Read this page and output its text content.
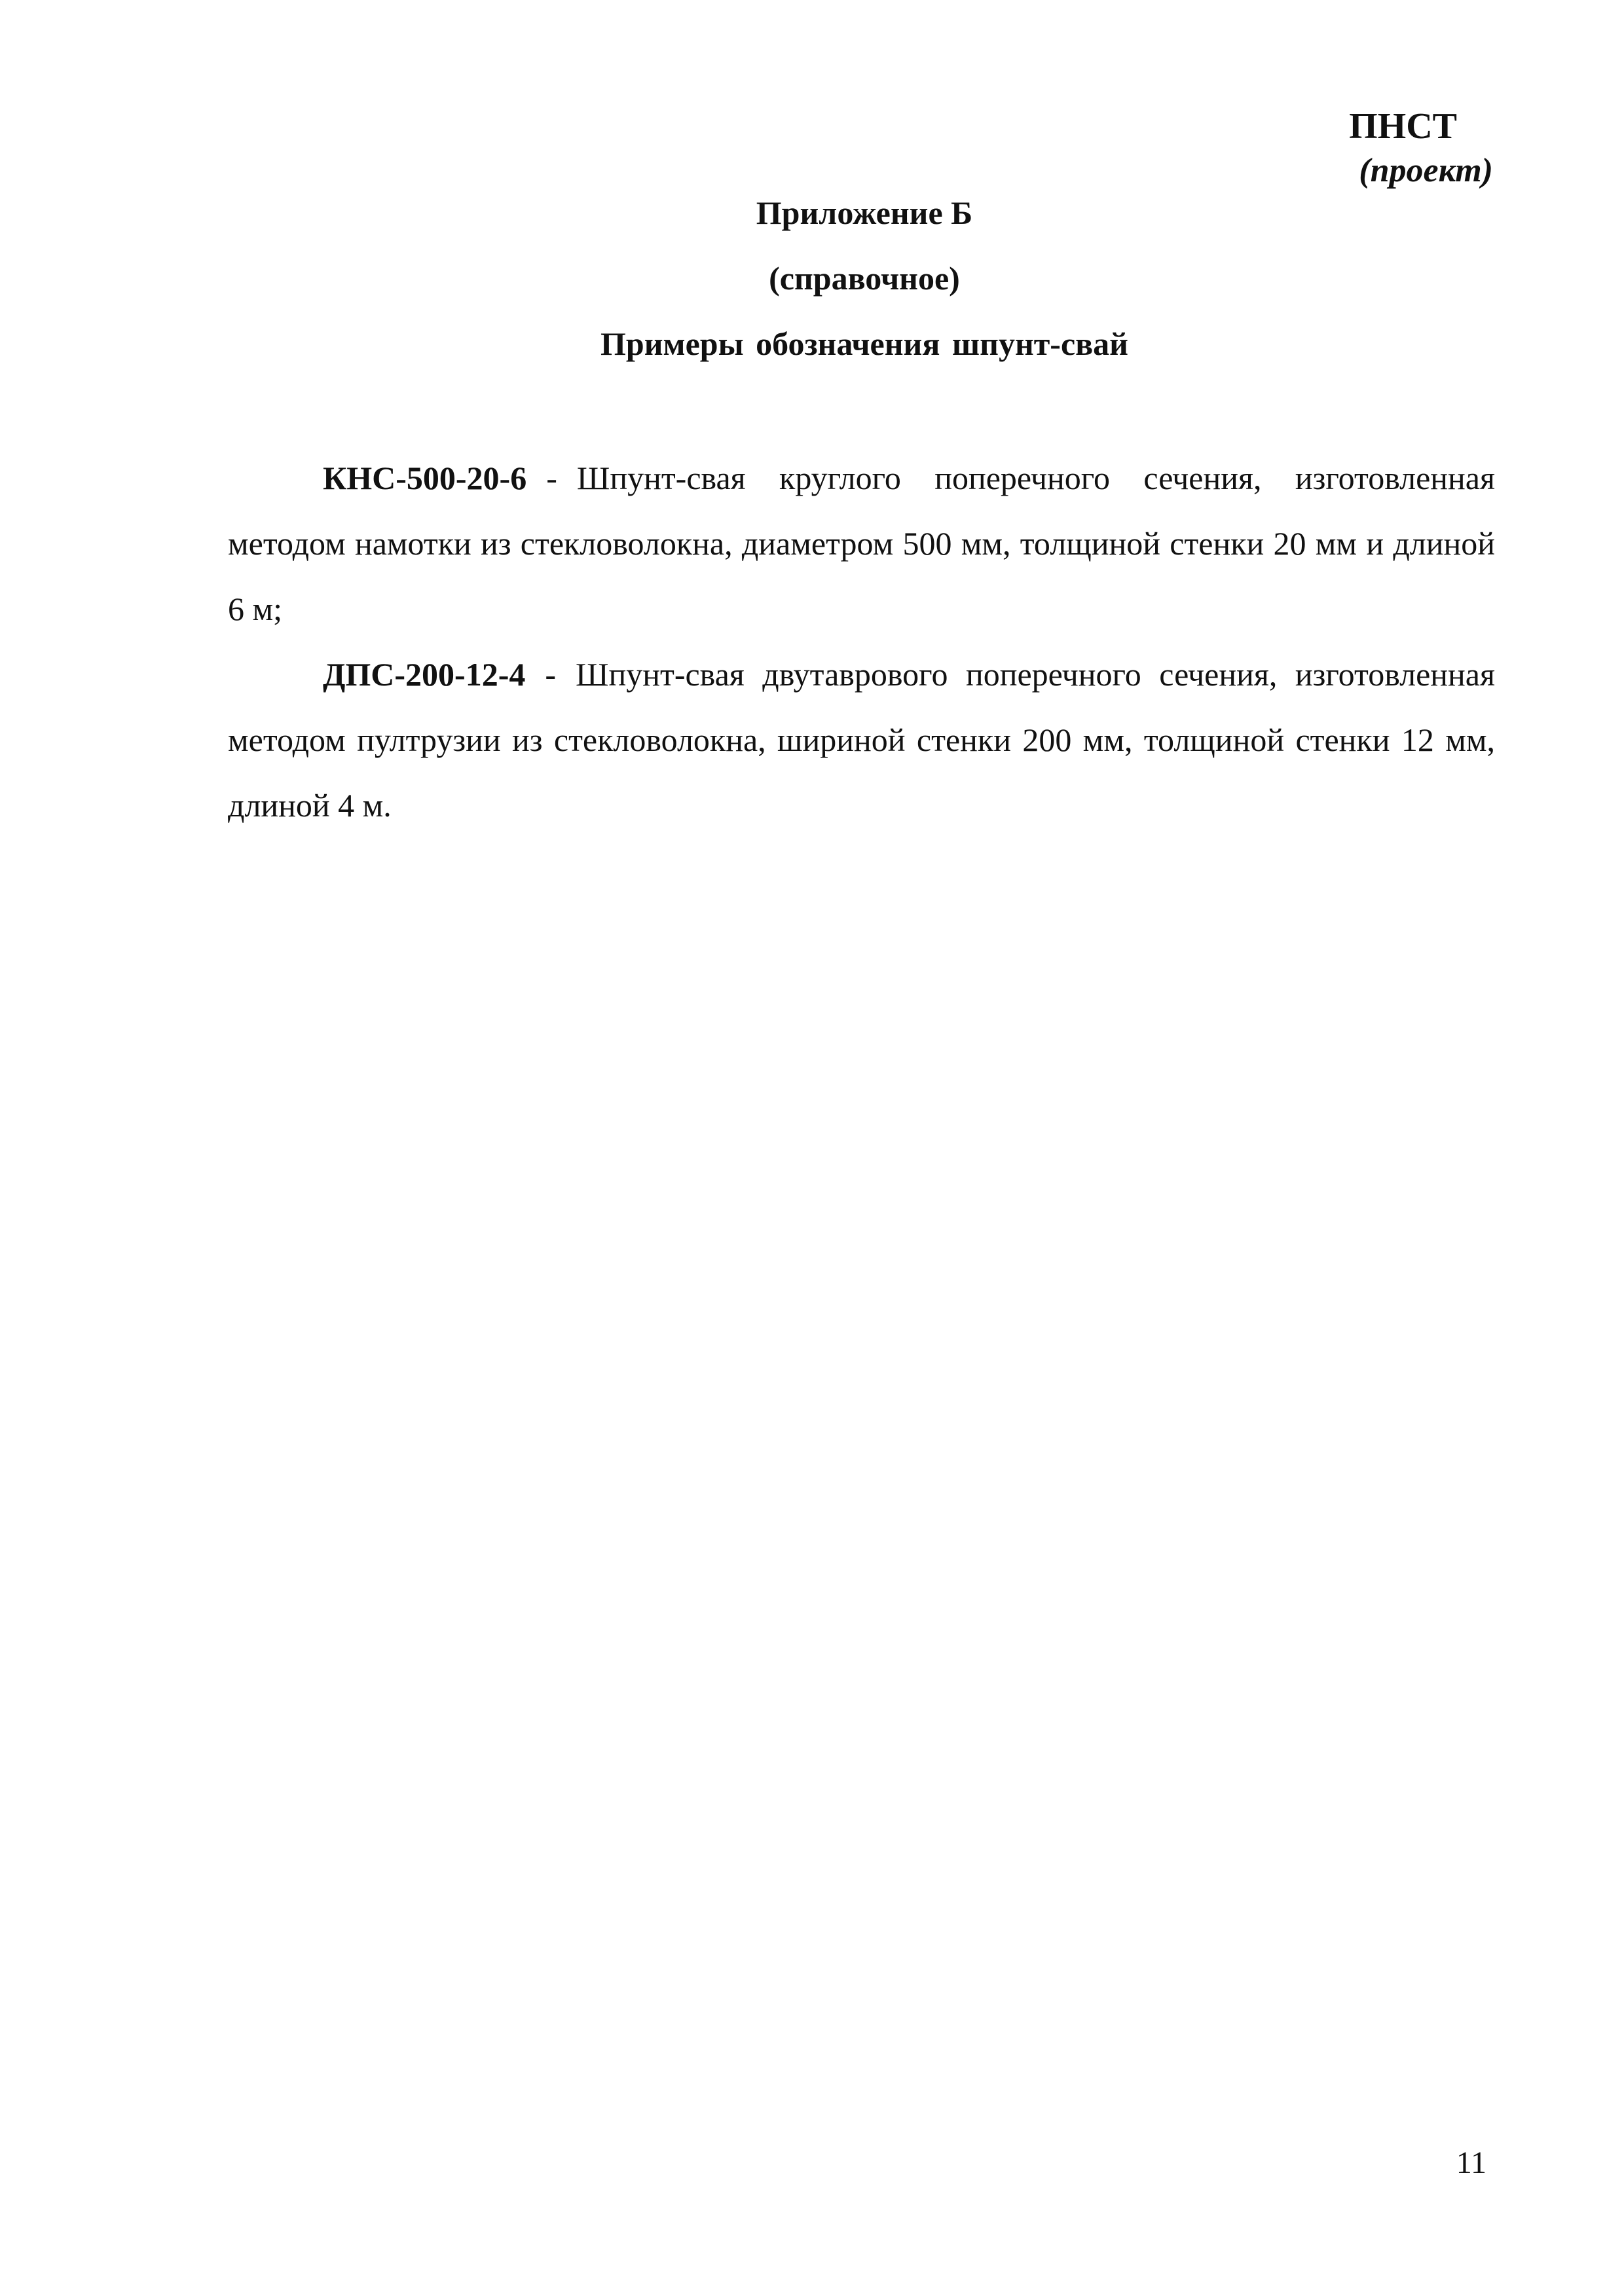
ПНСТ
(проект)
Приложение Б
(справочное)
Примеры обозначения шпунт-свай

КНС-500-20-6 - Шпунт-свая круглого поперечного сечения, изготовленная методом намотки из стекловолокна, диаметром 500 мм, толщиной стенки 20 мм и длиной 6 м;

ДПС-200-12-4 - Шпунт-свая двутаврового поперечного сечения, изготовленная методом пултрузии из стекловолокна, шириной стенки 200 мм, толщиной стенки 12 мм, длиной 4 м.

11
